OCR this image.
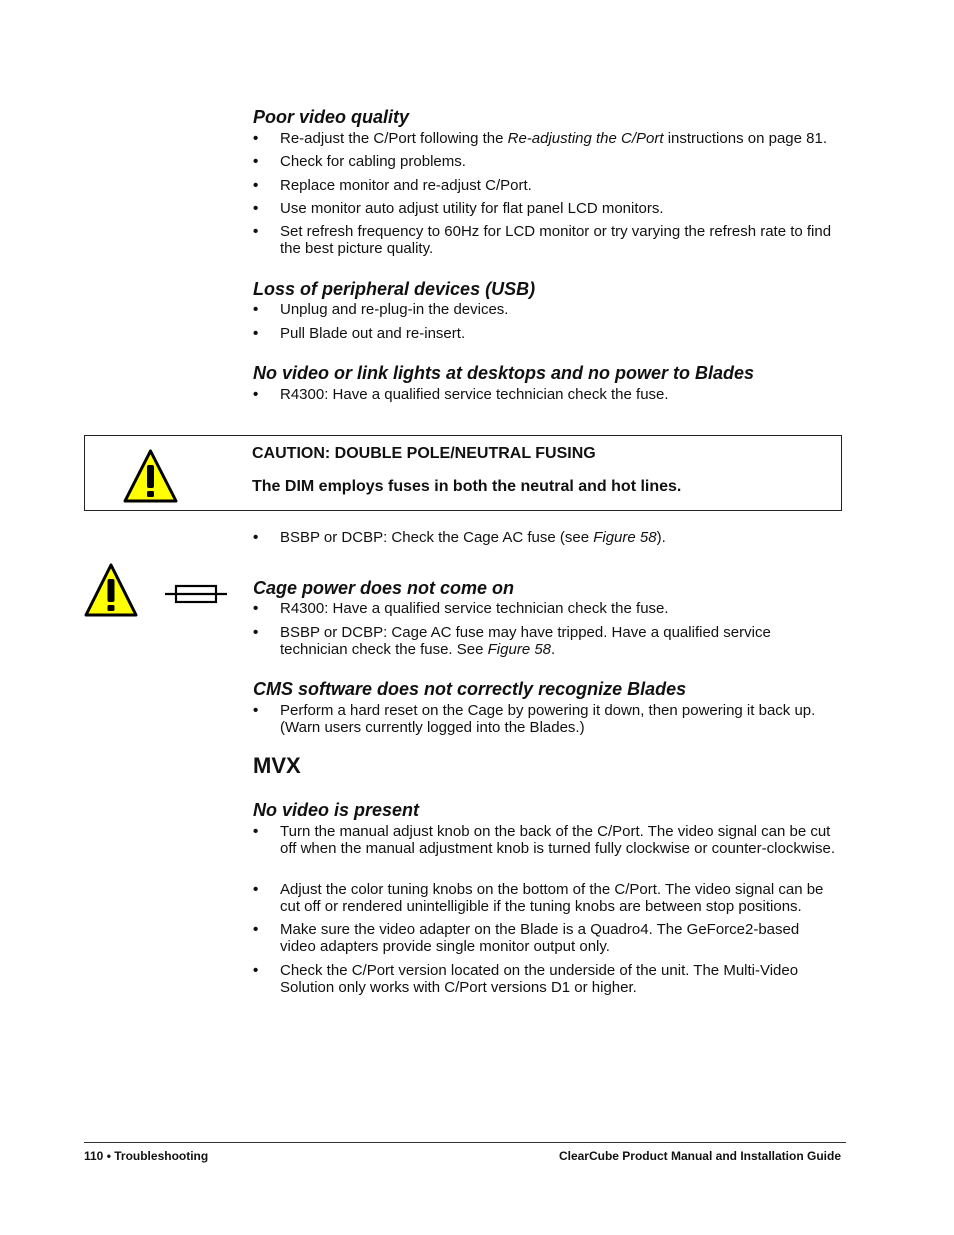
Poor video quality
•	Re-adjust the C/Port following the Re-adjusting the C/Port instructions on page 81.
•	Check for cabling problems.
•	Replace monitor and re-adjust C/Port.
•	Use monitor auto adjust utility for flat panel LCD monitors.
•	Set refresh frequency to 60Hz for LCD monitor or try varying the refresh rate to find the best picture quality.
Loss of peripheral devices (USB)
•	Unplug and re-plug-in the devices.
•	Pull Blade out and re-insert.
No video or link lights at desktops and no power to Blades
•	R4300: Have a qualified service technician check the fuse.
CAUTION: DOUBLE POLE/NEUTRAL FUSING
The DIM employs fuses in both the neutral and hot lines.
•	BSBP or DCBP: Check the Cage AC fuse (see Figure 58).
Cage power does not come on
•	R4300: Have a qualified service technician check the fuse.
•	BSBP or DCBP: Cage AC fuse may have tripped. Have a qualified service technician check the fuse. See Figure 58.
CMS software does not correctly recognize Blades
•	Perform a hard reset on the Cage by powering it down, then powering it back up. (Warn users currently logged into the Blades.)
MVX
No video is present
•	Turn the manual adjust knob on the back of the C/Port. The video signal can be cut off when the manual adjustment knob is turned fully clockwise or counter-clockwise.
•	Adjust the color tuning knobs on the bottom of the C/Port. The video signal can be cut off or rendered unintelligible if the tuning knobs are between stop positions.
•	Make sure the video adapter on the Blade is a Quadro4. The GeForce2-based video adapters provide single monitor output only.
•	Check the C/Port version located on the underside of the unit. The Multi-Video Solution only works with C/Port versions D1 or higher.
110 • Troubleshooting	ClearCube Product Manual and Installation Guide
